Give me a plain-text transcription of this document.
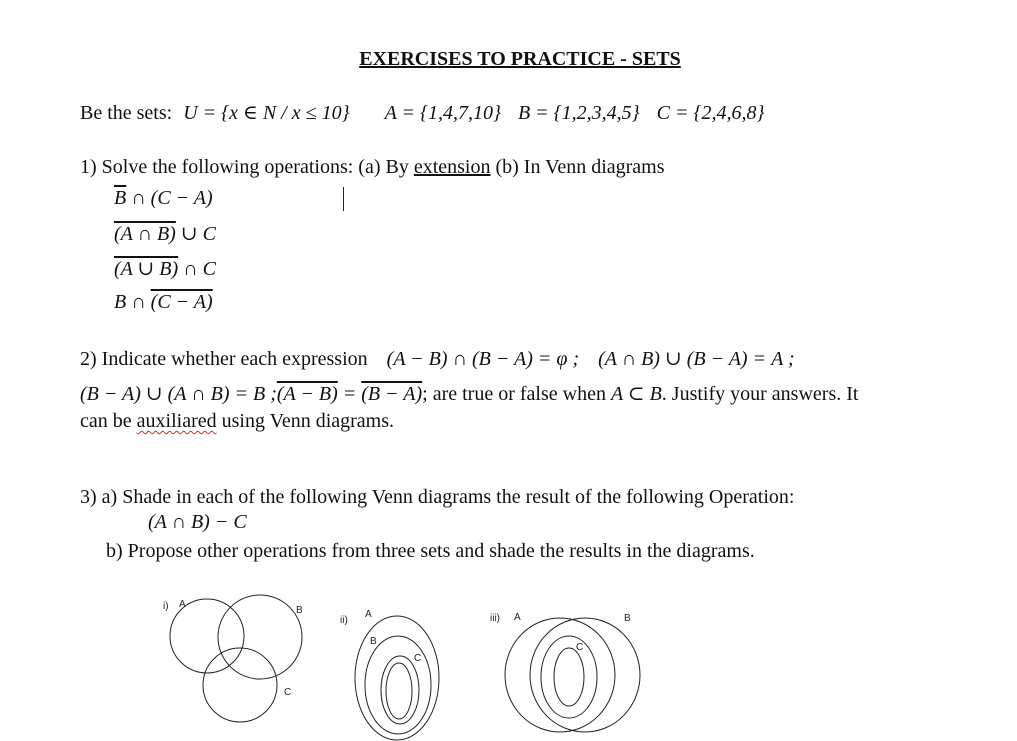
EXERCISES TO PRACTICE - SETS
Be the sets: U = {x ∈ N / x ≤ 10} A = {1,4,7,10} B = {1,2,3,4,5} C = {2,4,6,8}
1) Solve the following operations: (a) By extension (b) In Venn diagrams
$\overline{B}$ ∩ (C − A)
(A ∩ B) ∪ C
(A ∪ B) ∩ C
B ∩ (C − A)
2) Indicate whether each expression (A − B) ∩ (B − A) = φ ; (A ∩ B) ∪ (B − A) = A ;
(B − A) ∪ (A ∩ B) = B ;(A − B) = (B − A); are true or false when A ⊂ B. Justify your answers. It
can be auxiliared using Venn diagrams.
3) a) Shade in each of the following Venn diagrams the result of the following Operation:
(A ∩ B) − C
b) Propose other operations from three sets and shade the results in the diagrams.
i) A
B
C
ii)
A
B
C
iii) A	B
C
